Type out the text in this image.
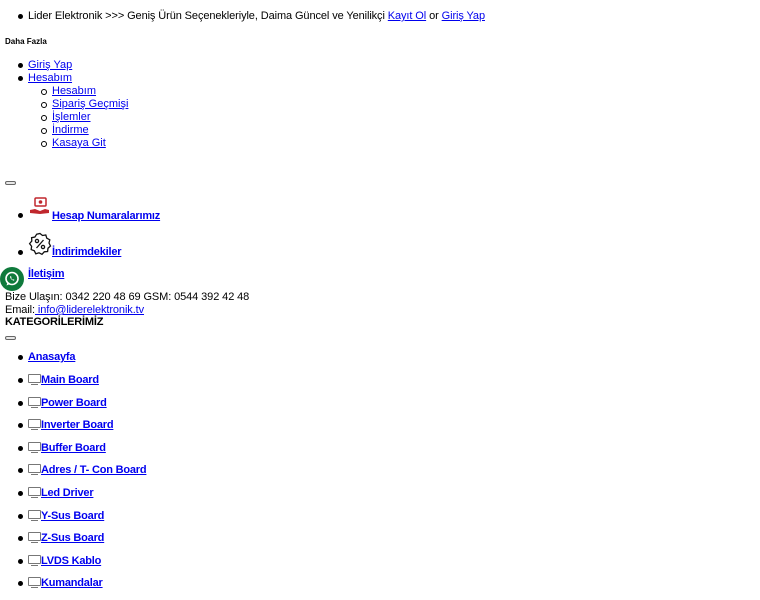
Lider Elektronik >>> Geniş Ürün Seçenekleriyle, Daima Güncel ve Yenilikçi Kayıt Ol or Giriş Yap
Daha Fazla
Giriş Yap
Hesabım
Hesabım
Sipariş Geçmişi
İşlemler
İndirme
Kasaya Git
Hesap Numaralarımız
İndirimdekiler
İletişim
Bize Ulaşın: 0342 220 48 69 GSM: 0544 392 42 48
Email: info@liderelektronik.tv
KATEGORİLERİMİZ
Anasayfa
Main Board
Power Board
Inverter Board
Buffer Board
Adres / T- Con Board
Led Driver
Y-Sus Board
Z-Sus Board
LVDS Kablo
Kumandalar
